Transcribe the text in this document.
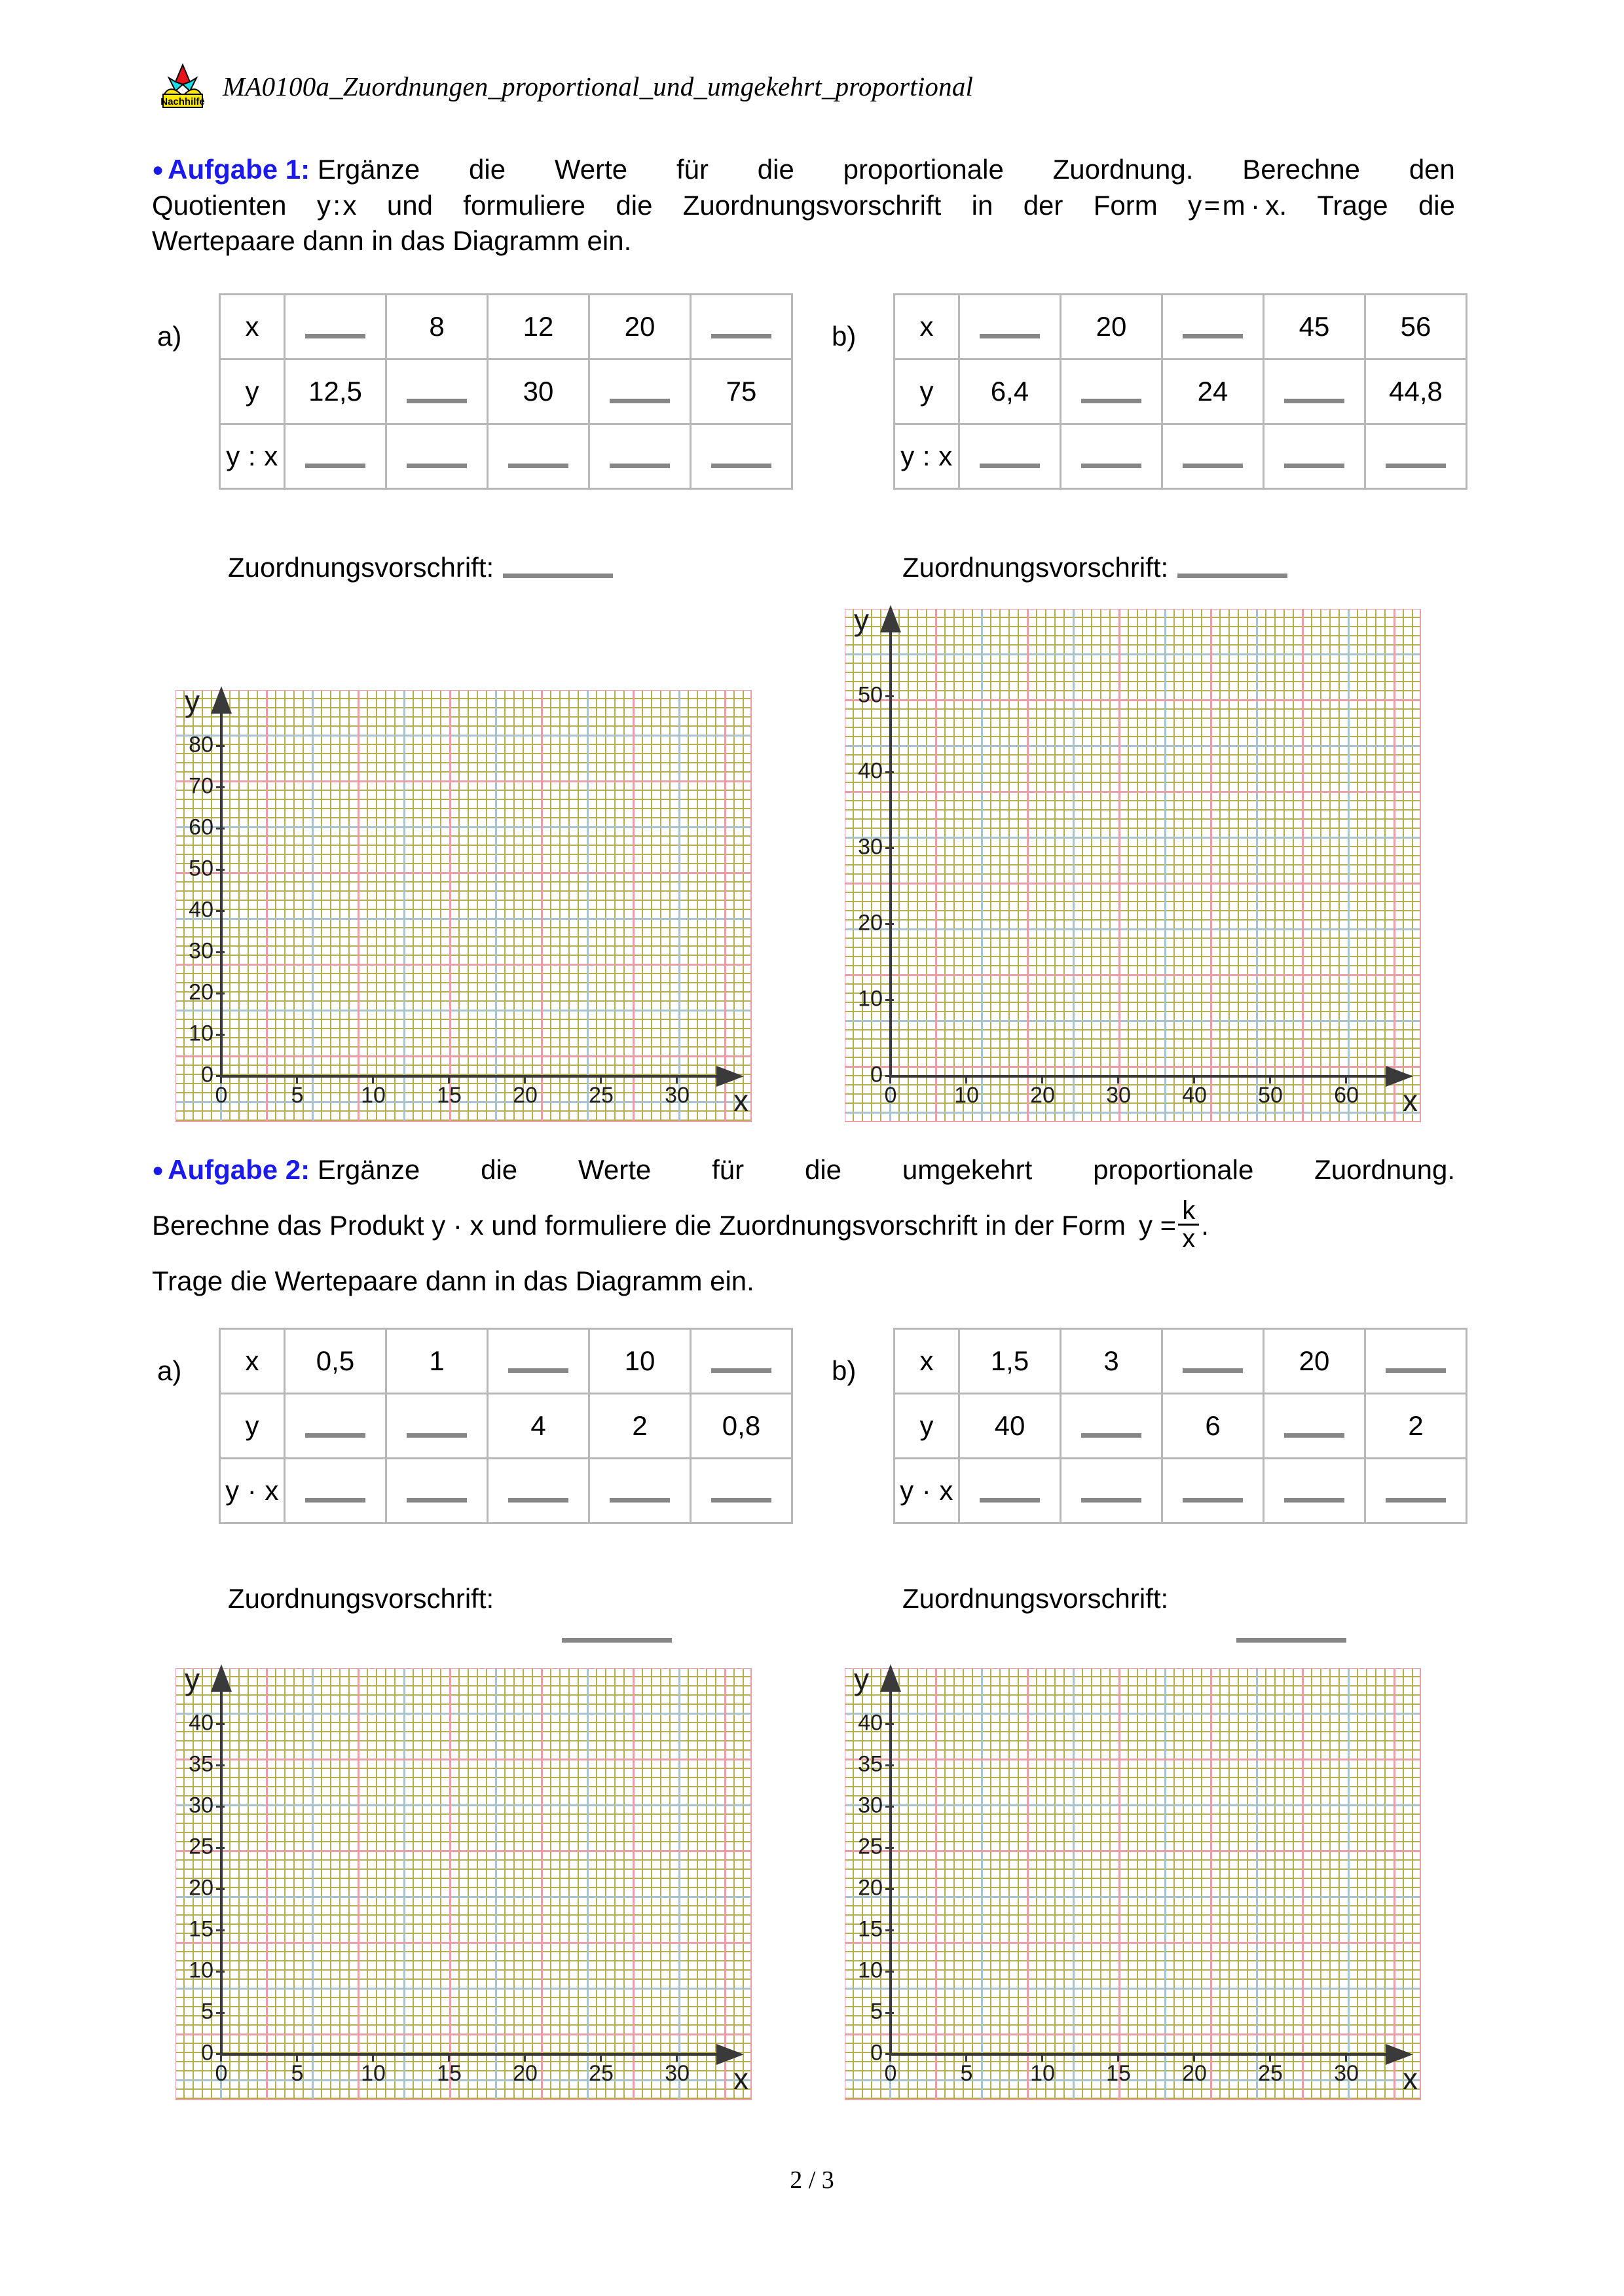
Nachhilfe
MA0100a_Zuordnungen_proportional_und_umgekehrt_proportional
● Aufgabe 1: Ergänze die Werte für die proportionale Zuordnung. Berechne den
Quotienten y : x und formuliere die Zuordnungsvorschrift in der Form y = m · x. Trage die
Wertepaare dann in das Diagramm ein.
a) x		8	12	20	
y	12,5		30		75
y : x					
b) x		20		45	56
y	6,4		24		44,8
y : x					
Zuordnungsvorschrift:	Zuordnungsvorschrift:
y
x
0
10
20
30
40
50
60
70
80
0	5	10	15	20	25	30
y
x
0
10
20
30
40
50
0	10	20	30	40	50	60
● Aufgabe 2: Ergänze die Werte für die umgekehrt proportionale Zuordnung.
Berechne das Produkt y · x und formuliere die Zuordnungsvorschrift in der Form $y = \frac{k}{x}$ .
Trage die Wertepaare dann in das Diagramm ein.
a) x	0,5	1		10	
y			4	2	0,8
y · x					
b) x	1,5	3		20	
y	40		6		2
y · x					
Zuordnungsvorschrift:	Zuordnungsvorschrift:
y
x
0
5
10
15
20
25
30
35
40
0	5	10	15	20	25	30
y
x
0
5
10
15
20
25
30
35
40
0	5	10	15	20	25	30
2 / 3
